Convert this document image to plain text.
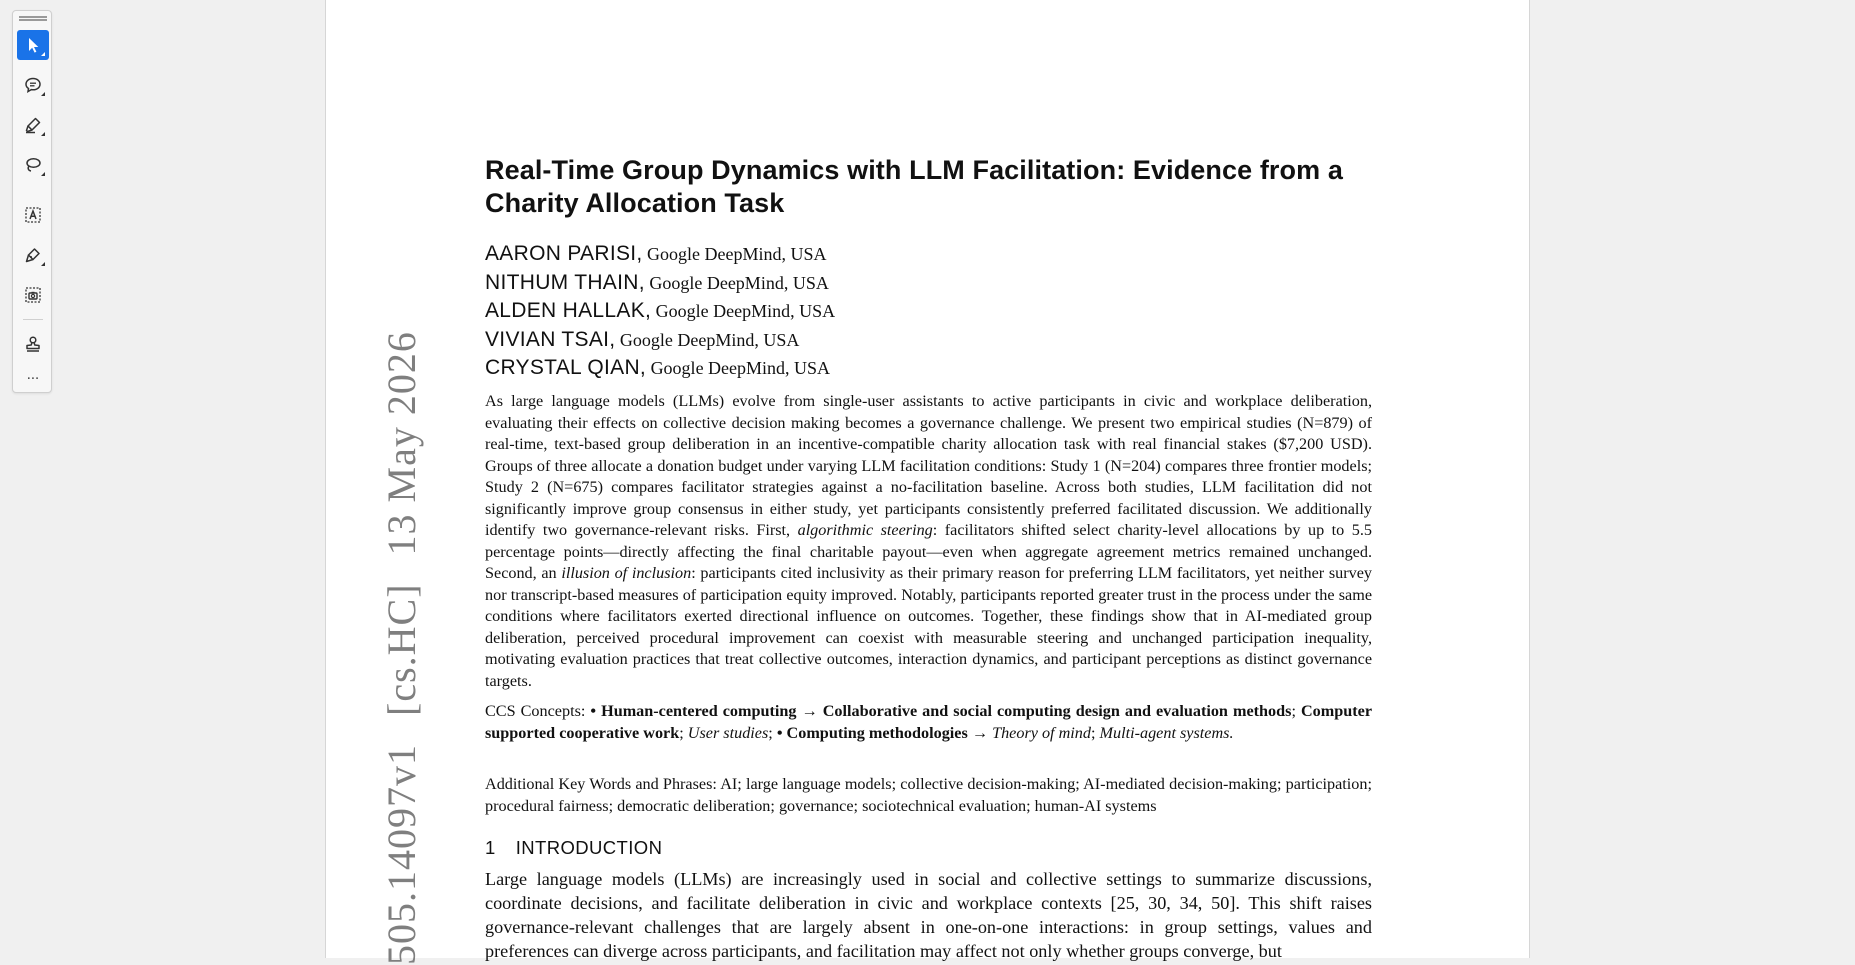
···
505.14097v1[cs.HC]13 May 2026
Real-Time Group Dynamics with LLM Facilitation: Evidence from a
Charity Allocation Task
AARON PARISI, Google DeepMind, USA
NITHUM THAIN, Google DeepMind, USA
ALDEN HALLAK, Google DeepMind, USA
VIVIAN TSAI, Google DeepMind, USA
CRYSTAL QIAN, Google DeepMind, USA
As large language models (LLMs) evolve from single-user assistants to active participants in civic and workplace deliberation, evaluating their effects on collective decision making becomes a governance challenge. We present two empirical studies (N=879) of real-time, text-based group deliberation in an incentive-compatible charity allocation task with real financial stakes ($7,200 USD). Groups of three allocate a donation budget under varying LLM facilitation conditions: Study 1 (N=204) compares three frontier models; Study 2 (N=675) compares facilitator strategies against a no-facilitation baseline. Across both studies, LLM facilitation did not significantly improve group consensus in either study, yet participants consistently preferred facilitated discussion. We additionally identify two governance-relevant risks. First, algorithmic steering: facilitators shifted select charity-level allocations by up to 5.5 percentage points—directly affecting the final charitable payout—even when aggregate agreement metrics remained unchanged. Second, an illusion of inclusion: participants cited inclusivity as their primary reason for preferring LLM facilitators, yet neither survey nor transcript-based measures of participation equity improved. Notably, participants reported greater trust in the process under the same conditions where facilitators exerted directional influence on outcomes. Together, these findings show that in AI-mediated group deliberation, perceived procedural improvement can coexist with measurable steering and unchanged participation inequality, motivating evaluation practices that treat collective outcomes, interaction dynamics, and participant perceptions as distinct governance targets.
CCS Concepts: • Human-centered computing → Collaborative and social computing design and evaluation methods; Computer supported cooperative work; User studies; • Computing methodologies → Theory of mind; Multi-agent systems.
Additional Key Words and Phrases: AI; large language models; collective decision-making; AI-mediated decision-making; participation; procedural fairness; democratic deliberation; governance; sociotechnical evaluation; human-AI systems
1 INTRODUCTION
Large language models (LLMs) are increasingly used in social and collective settings to summarize discussions, coordinate decisions, and facilitate deliberation in civic and workplace contexts [25, 30, 34, 50]. This shift raises governance-relevant challenges that are largely absent in one-on-one interactions: in group settings, values and preferences can diverge across participants, and facilitation may affect not only whether groups converge, but
